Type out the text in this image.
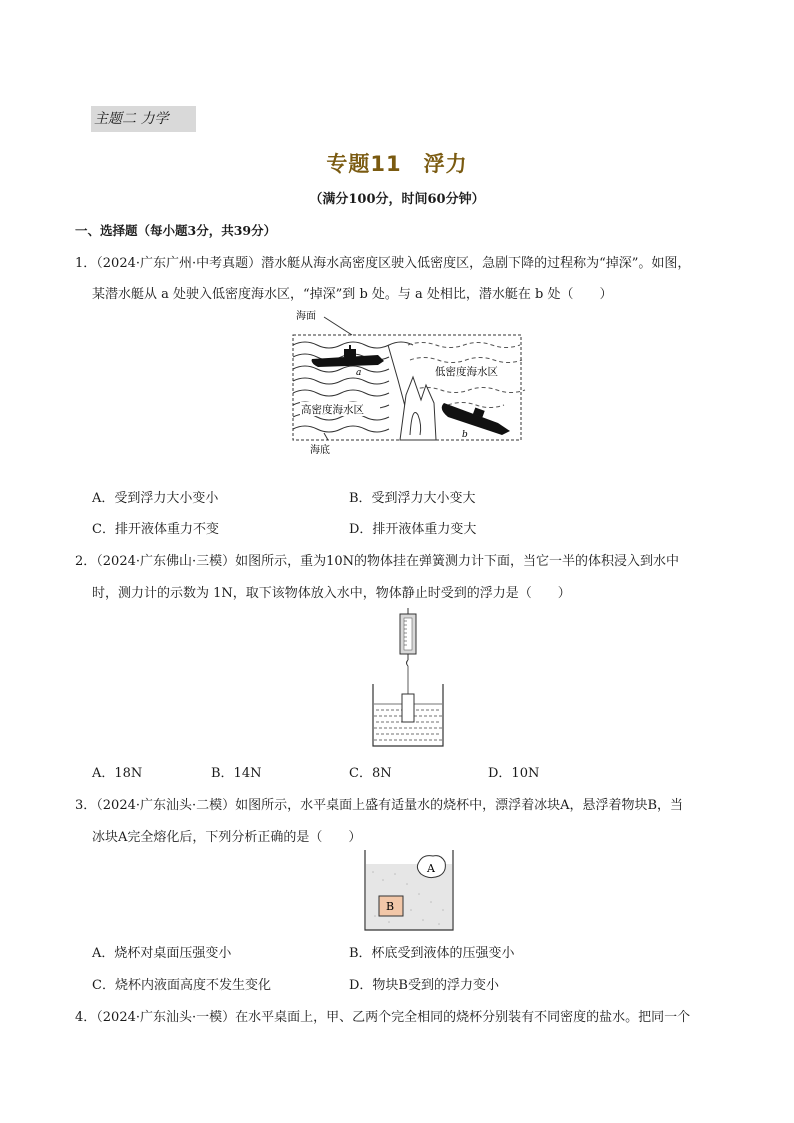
主题二 力学
专题11　浮力
（满分100分，时间60分钟）
一、选择题（每小题3分，共39分）
1．（2024·广东广州·中考真题）潜水艇从海水高密度区驶入低密度区，急剧下降的过程称为“掉深”。如图，
某潜水艇从 a 处驶入低密度海水区，“掉深”到 b 处。与 a 处相比，潜水艇在 b 处（　　）
海面
低密度海水区
高密度海水区
a
b
海底
A．受到浮力大小变小	B．受到浮力大小变大
C．排开液体重力不变	D．排开液体重力变大
2．（2024·广东佛山·三模）如图所示，重为10N的物体挂在弹簧测力计下面，当它一半的体积浸入到水中
时，测力计的示数为 1N，取下该物体放入水中，物体静止时受到的浮力是（　　）
A．18N	B．14N	C．8N	D．10N
3．（2024·广东汕头·二模）如图所示，水平桌面上盛有适量水的烧杯中，漂浮着冰块A，悬浮着物块B，当
冰块A完全熔化后，下列分析正确的是（　　）
A
B
A．烧杯对桌面压强变小	B．杯底受到液体的压强变小
C．烧杯内液面高度不发生变化	D．物块B受到的浮力变小
4．（2024·广东汕头·一模）在水平桌面上，甲、乙两个完全相同的烧杯分别装有不同密度的盐水。把同一个
